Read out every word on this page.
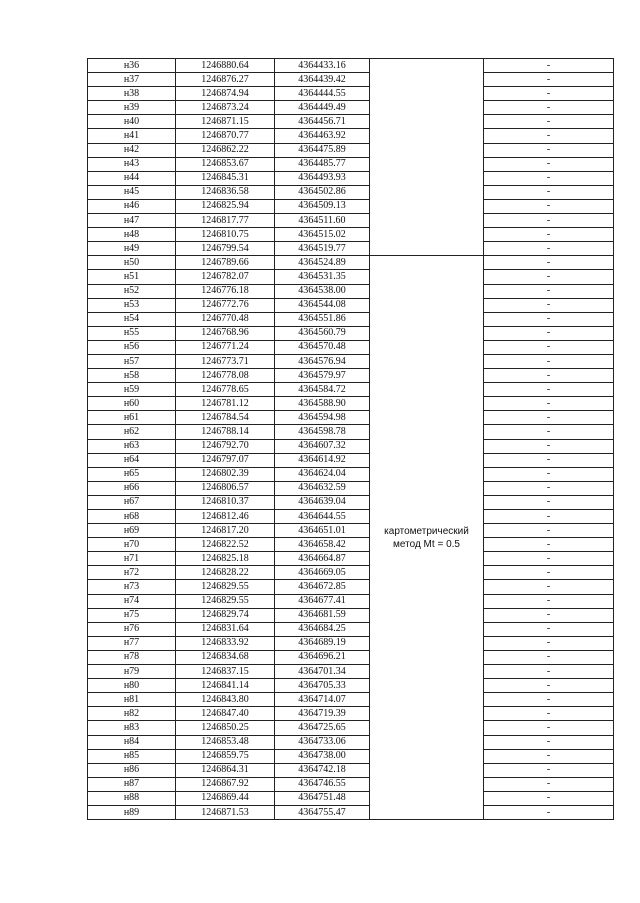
н36	1246880.64	4364433.16		-
н37	1246876.27	4364439.42		-
н38	1246874.94	4364444.55		-
н39	1246873.24	4364449.49		-
н40	1246871.15	4364456.71		-
н41	1246870.77	4364463.92		-
н42	1246862.22	4364475.89		-
н43	1246853.67	4364485.77		-
н44	1246845.31	4364493.93		-
н45	1246836.58	4364502.86		-
н46	1246825.94	4364509.13		-
н47	1246817.77	4364511.60		-
н48	1246810.75	4364515.02		-
н49	1246799.54	4364519.77		-
н50	1246789.66	4364524.89	картометрический метод Mt = 0.5	-
н51	1246782.07	4364531.35		-
н52	1246776.18	4364538.00		-
н53	1246772.76	4364544.08		-
н54	1246770.48	4364551.86		-
н55	1246768.96	4364560.79		-
н56	1246771.24	4364570.48		-
н57	1246773.71	4364576.94		-
н58	1246778.08	4364579.97		-
н59	1246778.65	4364584.72		-
н60	1246781.12	4364588.90		-
н61	1246784.54	4364594.98		-
н62	1246788.14	4364598.78		-
н63	1246792.70	4364607.32		-
н64	1246797.07	4364614.92		-
н65	1246802.39	4364624.04		-
н66	1246806.57	4364632.59		-
н67	1246810.37	4364639.04		-
н68	1246812.46	4364644.55		-
н69	1246817.20	4364651.01		-
н70	1246822.52	4364658.42		-
н71	1246825.18	4364664.87		-
н72	1246828.22	4364669.05		-
н73	1246829.55	4364672.85		-
н74	1246829.55	4364677.41		-
н75	1246829.74	4364681.59		-
н76	1246831.64	4364684.25		-
н77	1246833.92	4364689.19		-
н78	1246834.68	4364696.21		-
н79	1246837.15	4364701.34		-
н80	1246841.14	4364705.33		-
н81	1246843.80	4364714.07		-
н82	1246847.40	4364719.39		-
н83	1246850.25	4364725.65		-
н84	1246853.48	4364733.06		-
н85	1246859.75	4364738.00		-
н86	1246864.31	4364742.18		-
н87	1246867.92	4364746.55		-
н88	1246869.44	4364751.48		-
н89	1246871.53	4364755.47		-
